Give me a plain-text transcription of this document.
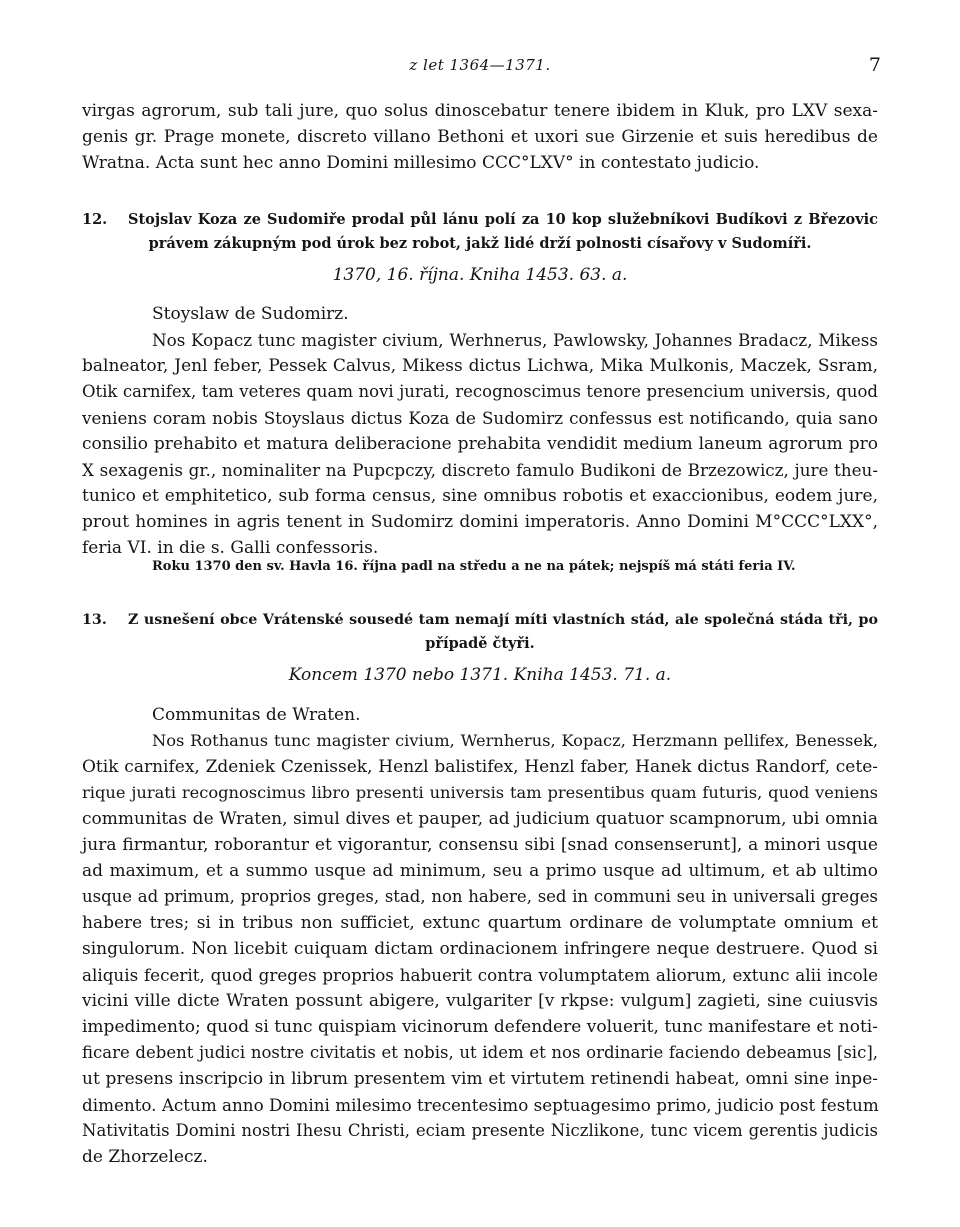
z let 1364—1371.	7
virgas agrorum, sub tali jure, quo solus dinoscebatur tenere ibidem in Kluk, pro LXV sexa-
genis gr. Prage monete, discreto villano Bethoni et uxori sue Girzenie et suis heredibus de
Wratna. Acta sunt hec anno Domini millesimo CCC°LXV° in contestato judicio.
12.	Stojslav Koza ze Sudomiře prodal půl lánu polí za 10 kop služebníkovi Budíkovi z Březovic
právem zákupným pod úrok bez robot, jakž lidé drží polnosti císařovy v Sudomíři.
1370, 16. října. Kniha 1453. 63. a.
Stoyslaw de Sudomirz.
Nos Kopacz tunc magister civium, Werhnerus, Pawlowsky, Johannes Bradacz, Mikess
balneator, Jenl feber, Pessek Calvus, Mikess dictus Lichwa, Mika Mulkonis, Maczek, Ssram,
Otik carnifex, tam veteres quam novi jurati, recognoscimus tenore presencium universis, quod
veniens coram nobis Stoyslaus dictus Koza de Sudomirz confessus est notificando, quia sano
consilio prehabito et matura deliberacione prehabita vendidit medium laneum agrorum pro
X sexagenis gr., nominaliter na Pupcpczy, discreto famulo Budikoni de Brzezowicz, jure theu-
tunico et emphitetico, sub forma census, sine omnibus robotis et exaccionibus, eodem jure,
prout homines in agris tenent in Sudomirz domini imperatoris. Anno Domini M°CCC°LXX°,
feria VI. in die s. Galli confessoris.
Roku 1370 den sv. Havla 16. října padl na středu a ne na pátek; nejspíš má státi feria IV.
13.	Z usnešení obce Vrátenské sousedé tam nemají míti vlastních stád, ale společná stáda tři, po
případě čtyři.
Koncem 1370 nebo 1371. Kniha 1453. 71. a.
Communitas de Wraten.
Nos Rothanus tunc magister civium, Wernherus, Kopacz, Herzmann pellifex, Benessek,
Otik carnifex, Zdeniek Czenissek, Henzl balistifex, Henzl faber, Hanek dictus Randorf, cete-
rique jurati recognoscimus libro presenti universis tam presentibus quam futuris, quod veniens
communitas de Wraten, simul dives et pauper, ad judicium quatuor scampnorum, ubi omnia
jura firmantur, roborantur et vigorantur, consensu sibi [snad consenserunt], a minori usque
ad maximum, et a summo usque ad minimum, seu a primo usque ad ultimum, et ab ultimo
usque ad primum, proprios greges, stad, non habere, sed in communi seu in universali greges
habere tres; si in tribus non sufficiet, extunc quartum ordinare de volumptate omnium et
singulorum. Non licebit cuiquam dictam ordinacionem infringere neque destruere. Quod si
aliquis fecerit, quod greges proprios habuerit contra volumptatem aliorum, extunc alii incole
vicini ville dicte Wraten possunt abigere, vulgariter [v rkpse: vulgum] zagieti, sine cuiusvis
impedimento; quod si tunc quispiam vicinorum defendere voluerit, tunc manifestare et noti-
ficare debent judici nostre civitatis et nobis, ut idem et nos ordinarie faciendo debeamus [sic],
ut presens inscripcio in librum presentem vim et virtutem retinendi habeat, omni sine inpe-
dimento. Actum anno Domini milesimo trecentesimo septuagesimo primo, judicio post festum
Nativitatis Domini nostri Ihesu Christi, eciam presente Niczlikone, tunc vicem gerentis judicis
de Zhorzelecz.
